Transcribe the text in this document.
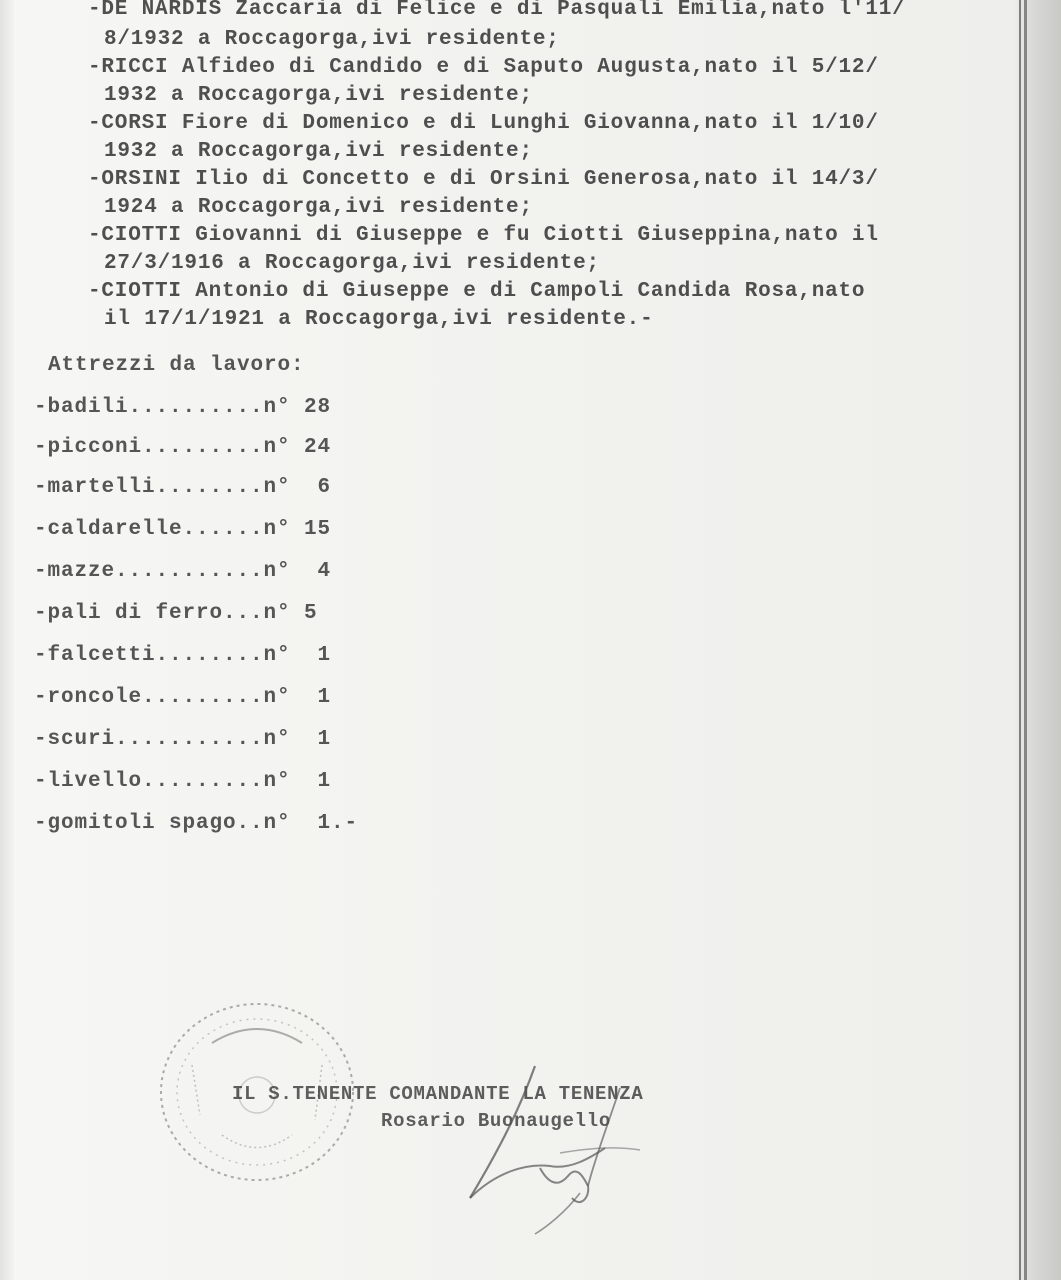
-DE NARDIS Zaccaria di Felice e di Pasquali Emilia,nato l'11/
8/1932 a Roccagorga,ivi residente;
-RICCI Alfideo di Candido e di Saputo Augusta,nato il 5/12/
1932 a Roccagorga,ivi residente;
-CORSI Fiore di Domenico e di Lunghi Giovanna,nato il 1/10/
1932 a Roccagorga,ivi residente;
-ORSINI Ilio di Concetto e di Orsini Generosa,nato il 14/3/
1924 a Roccagorga,ivi residente;
-CIOTTI Giovanni di Giuseppe e fu Ciotti Giuseppina,nato il
27/3/1916 a Roccagorga,ivi residente;
-CIOTTI Antonio di Giuseppe e di Campoli Candida Rosa,nato
il 17/1/1921 a Roccagorga,ivi residente.-
Attrezzi da lavoro:
-badili..........n° 28
-picconi.........n° 24
-martelli........n°  6
-caldarelle......n° 15
-mazze...........n°  4
-pali di ferro...n° 5
-falcetti........n°  1
-roncole.........n°  1
-scuri...........n°  1
-livello.........n°  1
-gomitoli spago..n°  1.-
IL S.TENENTE COMANDANTE LA TENENZA
Rosario Buonaugello
